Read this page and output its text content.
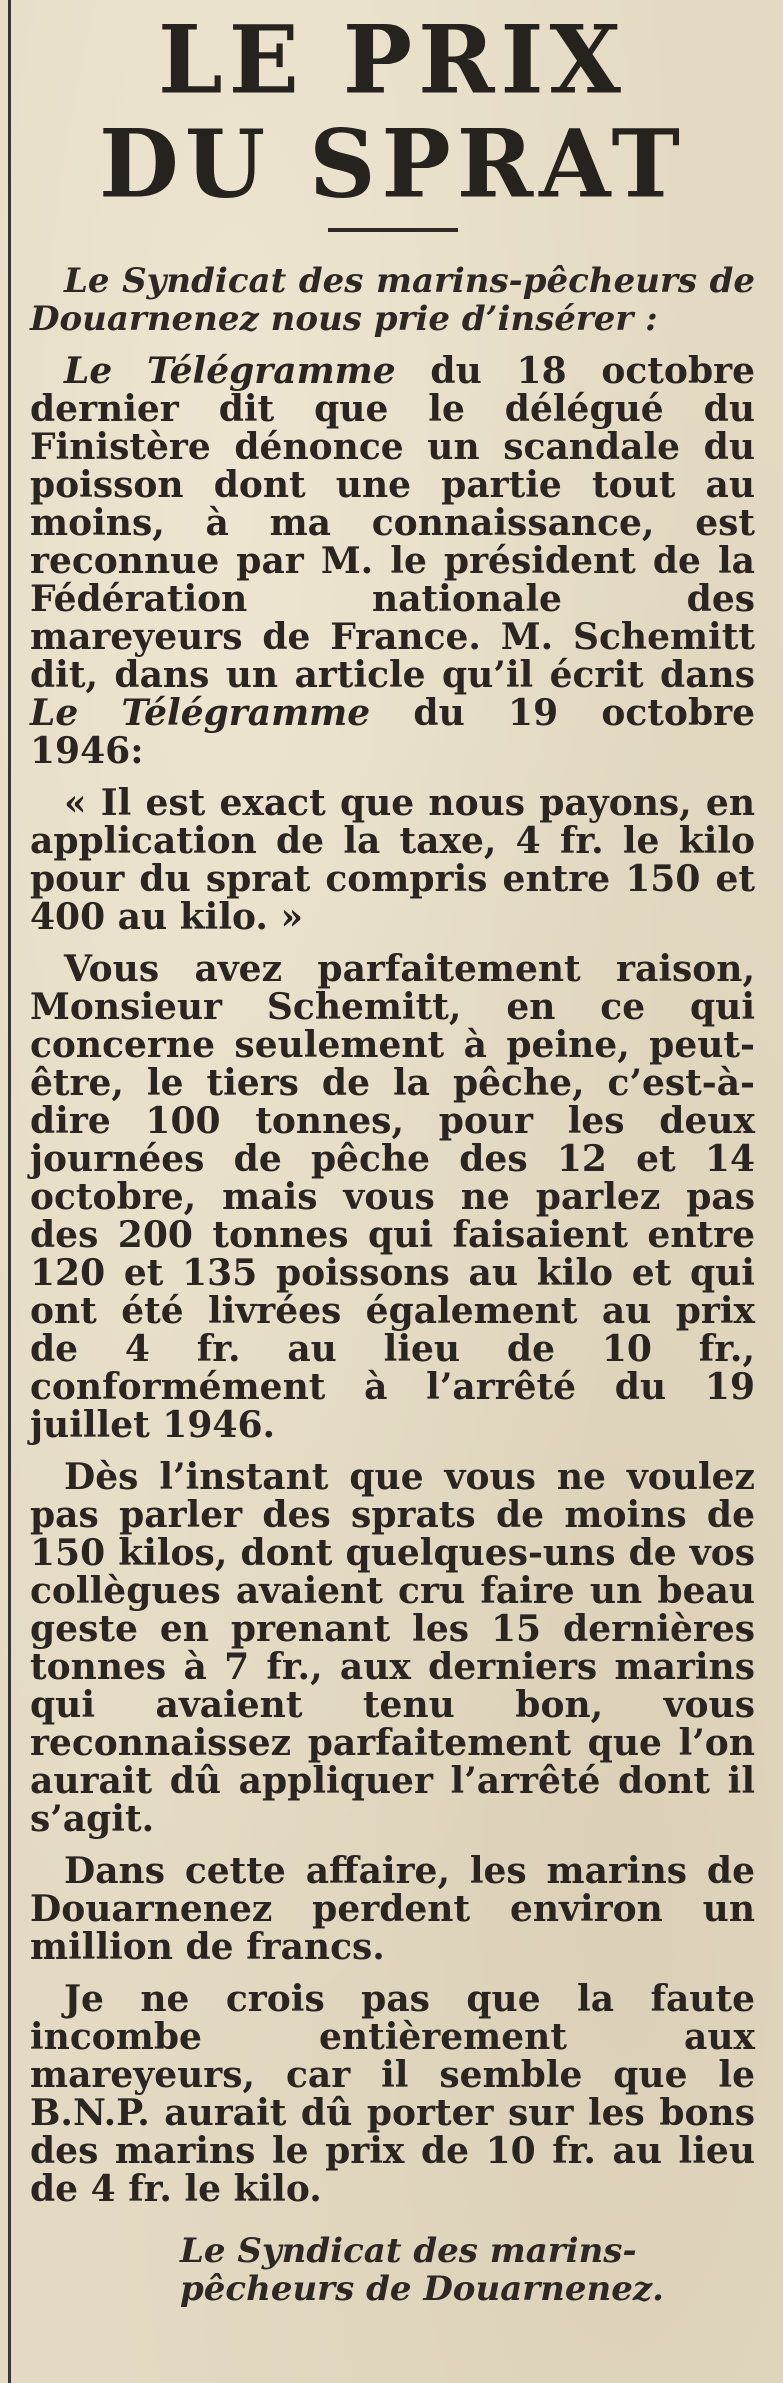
LE PRIX
DU SPRAT

Le Syndicat des marins-pêcheurs de Douarnenez nous prie d’insérer :

Le Télégramme du 18 octobre dernier dit que le délégué du Finistère dénonce un scandale du poisson dont une partie tout au moins, à ma connaissance, est reconnue par M. le président de la Fédération nationale des mareyeurs de France. M. Schemitt dit, dans un article qu’il écrit dans Le Télégramme du 19 octobre 1946:

« Il est exact que nous payons, en application de la taxe, 4 fr. le kilo pour du sprat compris entre 150 et 400 au kilo. »

Vous avez parfaitement raison, Monsieur Schemitt, en ce qui concerne seulement à peine, peut-être, le tiers de la pêche, c’est-à-dire 100 tonnes, pour les deux journées de pêche des 12 et 14 octobre, mais vous ne parlez pas des 200 tonnes qui faisaient entre 120 et 135 poissons au kilo et qui ont été livrées également au prix de 4 fr. au lieu de 10 fr., conformément à l’arrêté du 19 juillet 1946.

Dès l’instant que vous ne voulez pas parler des sprats de moins de 150 kilos, dont quelques-uns de vos collègues avaient cru faire un beau geste en prenant les 15 dernières tonnes à 7 fr., aux derniers marins qui avaient tenu bon, vous reconnaissez parfaitement que l’on aurait dû appliquer l’arrêté dont il s’agit.

Dans cette affaire, les marins de Douarnenez perdent environ un million de francs.

Je ne crois pas que la faute incombe entièrement aux mareyeurs, car il semble que le B.N.P. aurait dû porter sur les bons des marins le prix de 10 fr. au lieu de 4 fr. le kilo.

Le Syndicat des marins-
pêcheurs de Douarnenez.
